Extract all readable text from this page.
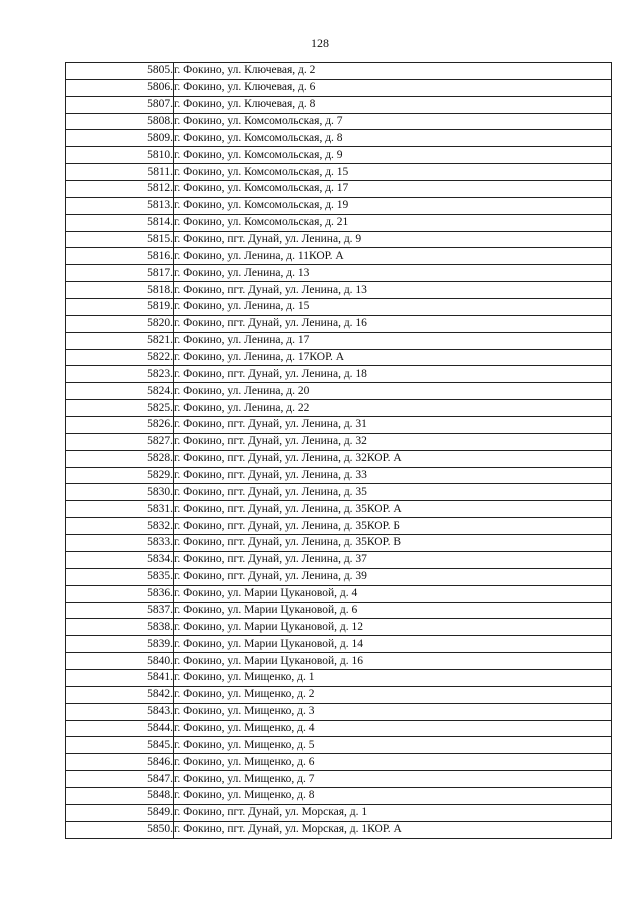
128
5805.	г. Фокино, ул. Ключевая, д. 2
5806.	г. Фокино, ул. Ключевая, д. 6
5807.	г. Фокино, ул. Ключевая, д. 8
5808.	г. Фокино, ул. Комсомольская, д. 7
5809.	г. Фокино, ул. Комсомольская, д. 8
5810.	г. Фокино, ул. Комсомольская, д. 9
5811.	г. Фокино, ул. Комсомольская, д. 15
5812.	г. Фокино, ул. Комсомольская, д. 17
5813.	г. Фокино, ул. Комсомольская, д. 19
5814.	г. Фокино, ул. Комсомольская, д. 21
5815.	г. Фокино, пгт. Дунай, ул. Ленина, д. 9
5816.	г. Фокино, ул. Ленина, д. 11КОР. А
5817.	г. Фокино, ул. Ленина, д. 13
5818.	г. Фокино, пгт. Дунай, ул. Ленина, д. 13
5819.	г. Фокино, ул. Ленина, д. 15
5820.	г. Фокино, пгт. Дунай, ул. Ленина, д. 16
5821.	г. Фокино, ул. Ленина, д. 17
5822.	г. Фокино, ул. Ленина, д. 17КОР. А
5823.	г. Фокино, пгт. Дунай, ул. Ленина, д. 18
5824.	г. Фокино, ул. Ленина, д. 20
5825.	г. Фокино, ул. Ленина, д. 22
5826.	г. Фокино, пгт. Дунай, ул. Ленина, д. 31
5827.	г. Фокино, пгт. Дунай, ул. Ленина, д. 32
5828.	г. Фокино, пгт. Дунай, ул. Ленина, д. 32КОР. А
5829.	г. Фокино, пгт. Дунай, ул. Ленина, д. 33
5830.	г. Фокино, пгт. Дунай, ул. Ленина, д. 35
5831.	г. Фокино, пгт. Дунай, ул. Ленина, д. 35КОР. А
5832.	г. Фокино, пгт. Дунай, ул. Ленина, д. 35КОР. Б
5833.	г. Фокино, пгт. Дунай, ул. Ленина, д. 35КОР. В
5834.	г. Фокино, пгт. Дунай, ул. Ленина, д. 37
5835.	г. Фокино, пгт. Дунай, ул. Ленина, д. 39
5836.	г. Фокино, ул. Марии Цукановой, д. 4
5837.	г. Фокино, ул. Марии Цукановой, д. 6
5838.	г. Фокино, ул. Марии Цукановой, д. 12
5839.	г. Фокино, ул. Марии Цукановой, д. 14
5840.	г. Фокино, ул. Марии Цукановой, д. 16
5841.	г. Фокино, ул. Мищенко, д. 1
5842.	г. Фокино, ул. Мищенко, д. 2
5843.	г. Фокино, ул. Мищенко, д. 3
5844.	г. Фокино, ул. Мищенко, д. 4
5845.	г. Фокино, ул. Мищенко, д. 5
5846.	г. Фокино, ул. Мищенко, д. 6
5847.	г. Фокино, ул. Мищенко, д. 7
5848.	г. Фокино, ул. Мищенко, д. 8
5849.	г. Фокино, пгт. Дунай, ул. Морская, д. 1
5850.	г. Фокино, пгт. Дунай, ул. Морская, д. 1КОР. А
